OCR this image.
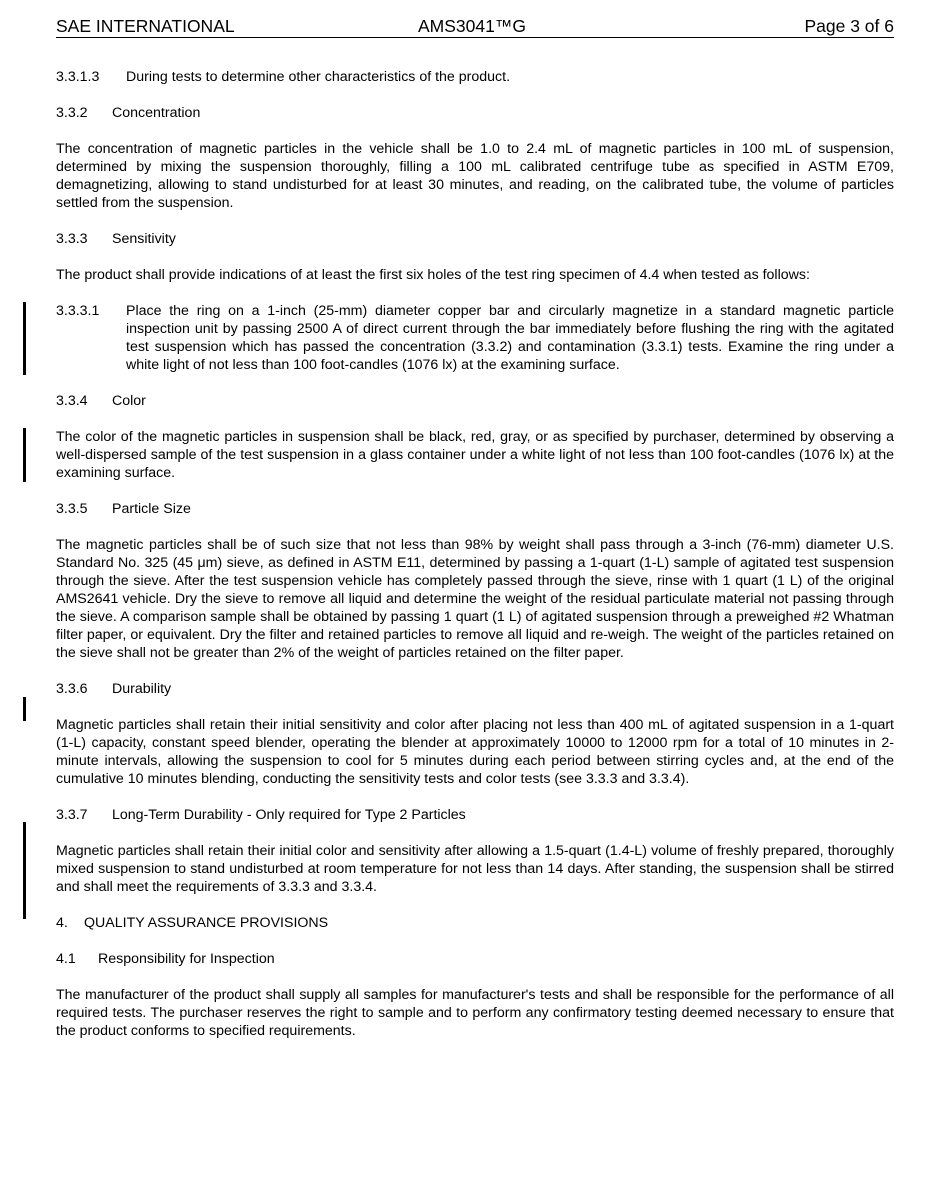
SAE INTERNATIONAL	AMS3041™G	Page 3 of 6
3.3.1.3 During tests to determine other characteristics of the product.
3.3.2 Concentration
The concentration of magnetic particles in the vehicle shall be 1.0 to 2.4 mL of magnetic particles in 100 mL of suspension, determined by mixing the suspension thoroughly, filling a 100 mL calibrated centrifuge tube as specified in ASTM E709, demagnetizing, allowing to stand undisturbed for at least 30 minutes, and reading, on the calibrated tube, the volume of particles settled from the suspension.
3.3.3 Sensitivity
The product shall provide indications of at least the first six holes of the test ring specimen of 4.4 when tested as follows:
3.3.3.1	Place the ring on a 1-inch (25-mm) diameter copper bar and circularly magnetize in a standard magnetic particle inspection unit by passing 2500 A of direct current through the bar immediately before flushing the ring with the agitated test suspension which has passed the concentration (3.3.2) and contamination (3.3.1) tests. Examine the ring under a white light of not less than 100 foot-candles (1076 lx) at the examining surface.
3.3.4 Color
The color of the magnetic particles in suspension shall be black, red, gray, or as specified by purchaser, determined by observing a well-dispersed sample of the test suspension in a glass container under a white light of not less than 100 foot-candles (1076 lx) at the examining surface.
3.3.5 Particle Size
The magnetic particles shall be of such size that not less than 98% by weight shall pass through a 3-inch (76-mm) diameter U.S. Standard No. 325 (45 μm) sieve, as defined in ASTM E11, determined by passing a 1-quart (1-L) sample of agitated test suspension through the sieve. After the test suspension vehicle has completely passed through the sieve, rinse with 1 quart (1 L) of the original AMS2641 vehicle. Dry the sieve to remove all liquid and determine the weight of the residual particulate material not passing through the sieve. A comparison sample shall be obtained by passing 1 quart (1 L) of agitated suspension through a preweighed #2 Whatman filter paper, or equivalent. Dry the filter and retained particles to remove all liquid and re-weigh. The weight of the particles retained on the sieve shall not be greater than 2% of the weight of particles retained on the filter paper.
3.3.6 Durability
Magnetic particles shall retain their initial sensitivity and color after placing not less than 400 mL of agitated suspension in a 1-quart (1-L) capacity, constant speed blender, operating the blender at approximately 10000 to 12000 rpm for a total of 10 minutes in 2-minute intervals, allowing the suspension to cool for 5 minutes during each period between stirring cycles and, at the end of the cumulative 10 minutes blending, conducting the sensitivity tests and color tests (see 3.3.3 and 3.3.4).
3.3.7 Long-Term Durability - Only required for Type 2 Particles
Magnetic particles shall retain their initial color and sensitivity after allowing a 1.5-quart (1.4-L) volume of freshly prepared, thoroughly mixed suspension to stand undisturbed at room temperature for not less than 14 days. After standing, the suspension shall be stirred and shall meet the requirements of 3.3.3 and 3.3.4.
4. QUALITY ASSURANCE PROVISIONS
4.1 Responsibility for Inspection
The manufacturer of the product shall supply all samples for manufacturer's tests and shall be responsible for the performance of all required tests. The purchaser reserves the right to sample and to perform any confirmatory testing deemed necessary to ensure that the product conforms to specified requirements.
